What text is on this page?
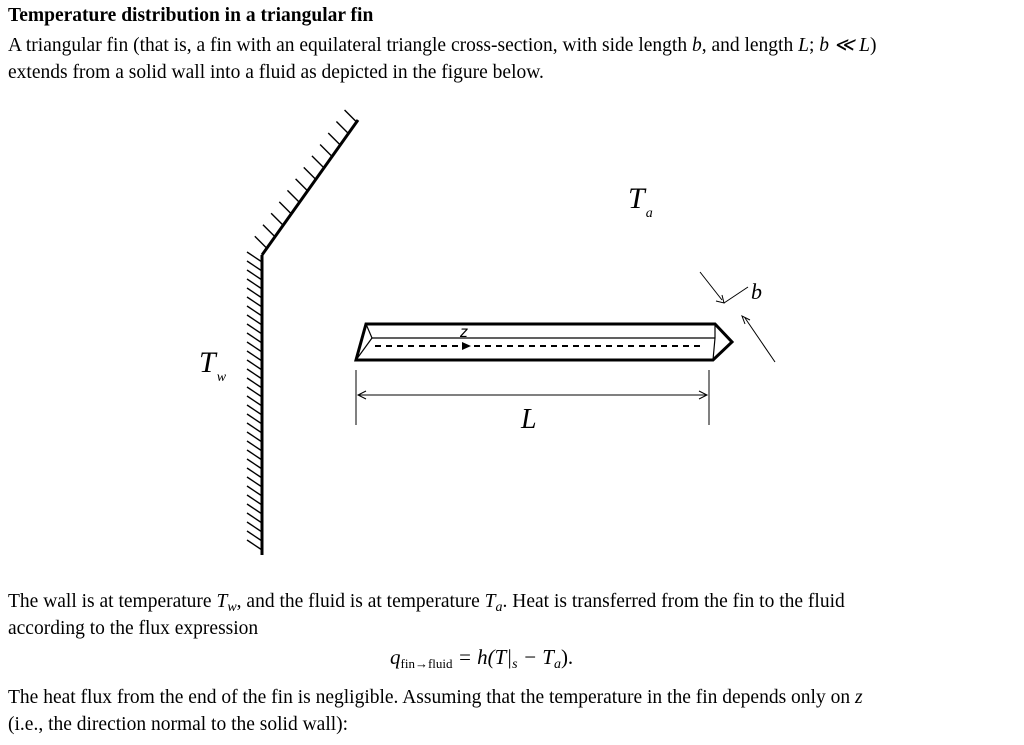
Temperature distribution in a triangular fin
A triangular fin (that is, a fin with an equilateral triangle cross-section, with side length b, and length L; b ≪ L)
extends from a solid wall into a fluid as depicted in the figure below.
$T_a$
$T_w$
b
z
L
The wall is at temperature $T_w$, and the fluid is at temperature $T_a$. Heat is transferred from the fin to the fluid
according to the flux expression
$q_{fin\to fluid} = h(T|s - Ta)$.
The heat flux from the end of the fin is negligible. Assuming that the temperature in the fin depends only on z
(i.e., the direction normal to the solid wall):
